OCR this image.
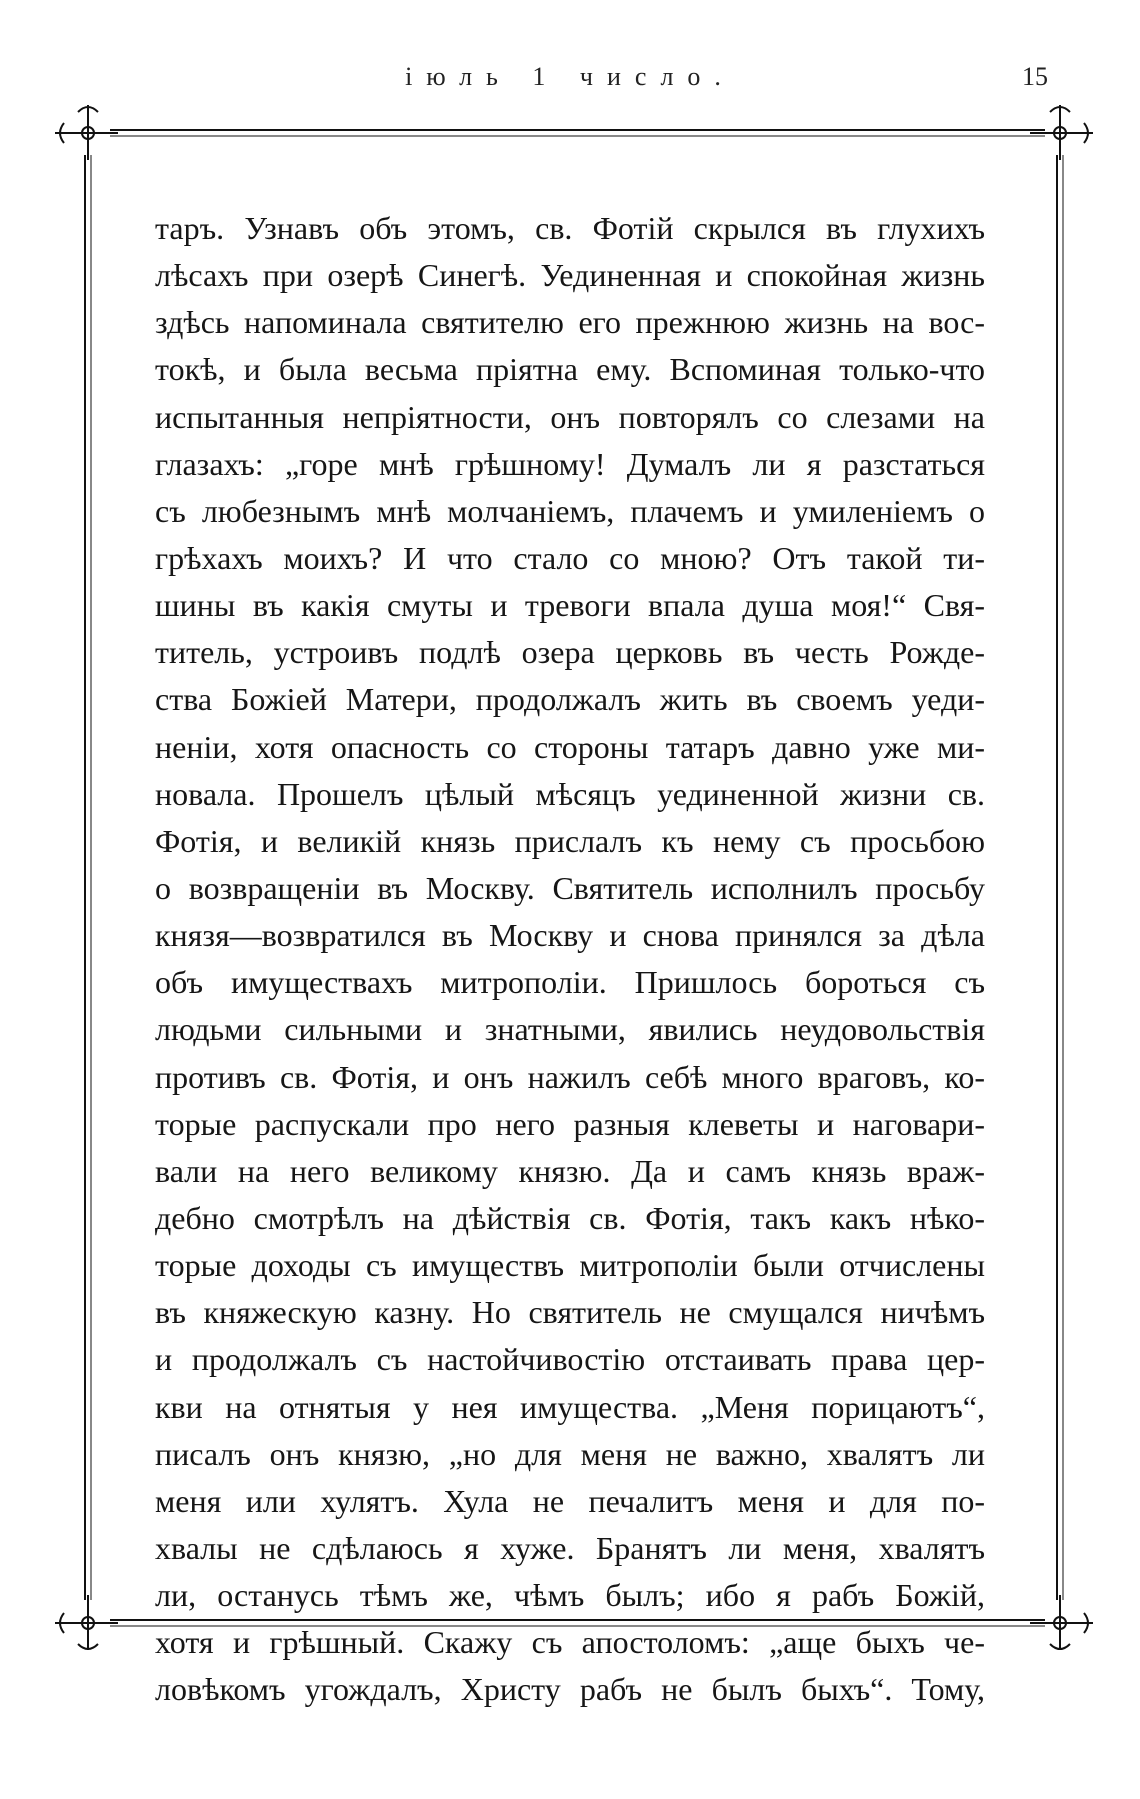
іюль 1 число.	15
таръ. Узнавъ объ этомъ, св. Фотій скрылся въ глухихъ
лѣсахъ при озерѣ Синегѣ. Уединенная и спокойная жизнь
здѣсь напоминала святителю его прежнюю жизнь на вос-
токѣ, и была весьма пріятна ему. Вспоминая только-что
испытанныя непріятности, онъ повторялъ со слезами на
глазахъ: „горе мнѣ грѣшному! Думалъ ли я разстаться
съ любезнымъ мнѣ молчаніемъ, плачемъ и умиленіемъ о
грѣхахъ моихъ? И что стало со мною? Отъ такой ти-
шины въ какія смуты и тревоги впала душа моя!“ Свя-
титель, устроивъ подлѣ озера церковь въ честь Рожде-
ства Божіей Матери, продолжалъ жить въ своемъ уеди-
неніи, хотя опасность со стороны татаръ давно уже ми-
новала. Прошелъ цѣлый мѣсяцъ уединенной жизни св.
Фотія, и великій князь прислалъ къ нему съ просьбою
о возвращеніи въ Москву. Святитель исполнилъ просьбу
князя—возвратился въ Москву и снова принялся за дѣла
объ имуществахъ митрополіи. Пришлось бороться съ
людьми сильными и знатными, явились неудовольствія
противъ св. Фотія, и онъ нажилъ себѣ много враговъ, ко-
торые распускали про него разныя клеветы и наговари-
вали на него великому князю. Да и самъ князь враж-
дебно смотрѣлъ на дѣйствія св. Фотія, такъ какъ нѣко-
торые доходы съ имуществъ митрополіи были отчислены
въ княжескую казну. Но святитель не смущался ничѣмъ
и продолжалъ съ настойчивостію отстаивать права цер-
кви на отнятыя у нея имущества. „Меня порицаютъ“,
писалъ онъ князю, „но для меня не важно, хвалятъ ли
меня или хулятъ. Хула не печалитъ меня и для по-
хвалы не сдѣлаюсь я хуже. Бранятъ ли меня, хвалятъ
ли, останусь тѣмъ же, чѣмъ былъ; ибо я рабъ Божій,
хотя и грѣшный. Скажу съ апостоломъ: „аще быхъ че-
ловѣкомъ угождалъ, Христу рабъ не былъ быхъ“. Тому,
